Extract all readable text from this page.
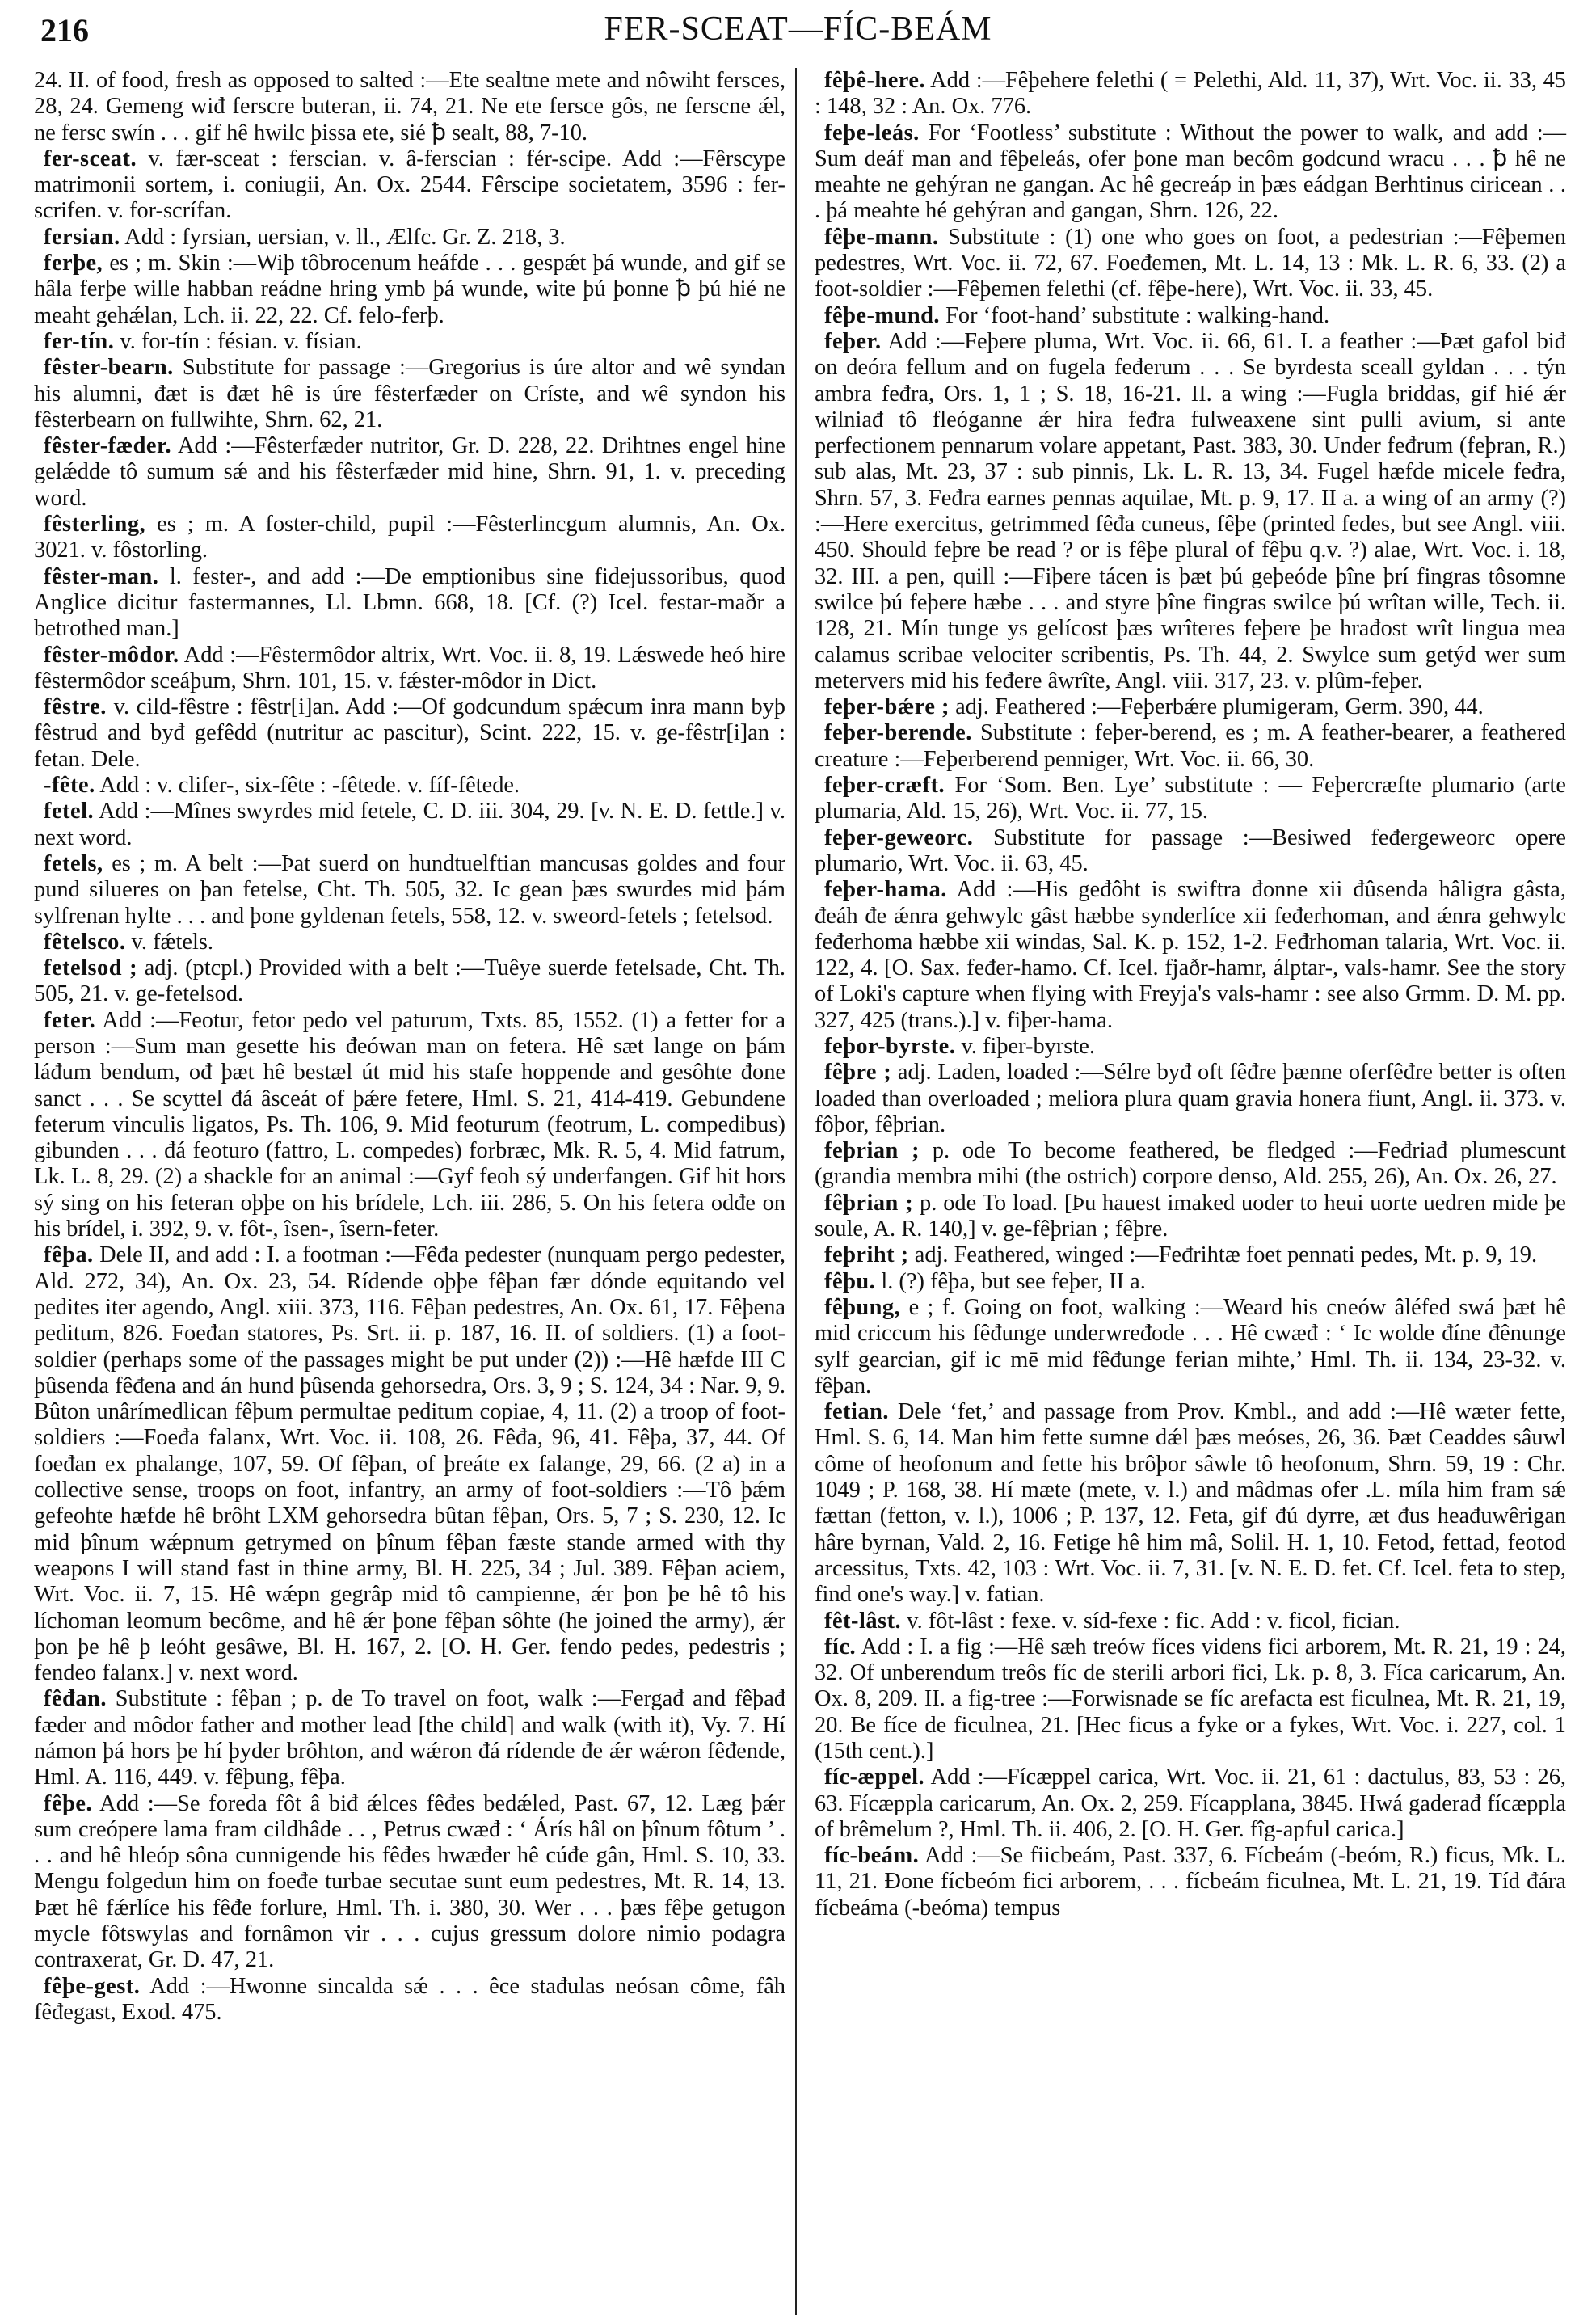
216	FER-SCEAT—FÍC-BEÁM

24. II. of food, fresh as opposed to salted :—Ete sealtne mete and nôwiht fersces, 28, 24. Gemeng wiđ ferscre buteran, ii. 74, 21. Ne ete fersce gôs, ne ferscne ǽl, ne fersc swín . . . gif hê hwilc þissa ete, sié ꝥ sealt, 88, 7-10.

fer-sceat. v. fær-sceat : ferscian. v. â-ferscian : fér-scipe. Add :—Fêrscype matrimonii sortem, i. coniugii, An. Ox. 2544. Fêrscipe societatem, 3596 : fer-scrifen. v. for-scrífan.

fersian. Add : fyrsian, uersian, v. ll., Ælfc. Gr. Z. 218, 3.

ferþe, es ; m. Skin :—Wiþ tôbrocenum heáfde . . . gespǽt þá wunde, and gif se hâla ferþe wille habban reádne hring ymb þá wunde, wite þú þonne ꝥ þú hié ne meaht gehǽlan, Lch. ii. 22, 22. Cf. felo-ferþ.

fer-tín. v. for-tín : fésian. v. físian.

fêster-bearn. Substitute for passage :—Gregorius is úre altor and wê syndan his alumni, đæt is đæt hê is úre fêsterfæder on Críste, and wê syndon his fêsterbearn on fullwihte, Shrn. 62, 21.

fêster-fæder. Add :—Fêsterfæder nutritor, Gr. D. 228, 22. Drihtnes engel hine gelǽdde tô sumum sǽ and his fêsterfæder mid hine, Shrn. 91, 1. v. preceding word.

fêsterling, es ; m. A foster-child, pupil :—Fêsterlincgum alumnis, An. Ox. 3021. v. fôstorling.

fêster-man. l. fester-, and add :—De emptionibus sine fidejussoribus, quod Anglice dicitur fastermannes, Ll. Lbmn. 668, 18. [Cf. (?) Icel. festar-maðr a betrothed man.]

fêster-môdor. Add :—Fêstermôdor altrix, Wrt. Voc. ii. 8, 19. Lǽswede heó hire fêstermôdor sceáþum, Shrn. 101, 15. v. fǽster-môdor in Dict.

fêstre. v. cild-fêstre : fêstr[i]an. Add :—Of godcundum spǽcum inra mann byþ fêstrud and byđ gefêdd (nutritur ac pascitur), Scint. 222, 15. v. ge-fêstr[i]an : fetan. Dele.

-fête. Add : v. clifer-, six-fête : -fêtede. v. fíf-fêtede.

fetel. Add :—Mînes swyrdes mid fetele, C. D. iii. 304, 29. [v. N. E. D. fettle.] v. next word.

fetels, es ; m. A belt :—Þat suerd on hundtuelftian mancusas goldes and four pund silueres on þan fetelse, Cht. Th. 505, 32. Ic gean þæs swurdes mid þám sylfrenan hylte . . . and þone gyldenan fetels, 558, 12. v. sweord-fetels ; fetelsod.

fêtelsco. v. fǽtels.

fetelsod ; adj. (ptcpl.) Provided with a belt :—Tuêye suerde fetelsade, Cht. Th. 505, 21. v. ge-fetelsod.

feter. Add :—Feotur, fetor pedo vel paturum, Txts. 85, 1552. (1) a fetter for a person :—Sum man gesette his đeówan man on fetera. Hê sæt lange on þám láđum bendum, ođ þæt hê bestæl út mid his stafe hoppende and gesôhte đone sanct . . . Se scyttel đá âsceát of þǽre fetere, Hml. S. 21, 414-419. Gebundene feterum vinculis ligatos, Ps. Th. 106, 9. Mid feoturum (feotrum, L. compedibus) gibunden . . . đá feoturo (fattro, L. compedes) forbræc, Mk. R. 5, 4. Mid fatrum, Lk. L. 8, 29. (2) a shackle for an animal :—Gyf feoh sý underfangen. Gif hit hors sý sing on his feteran oþþe on his brídele, Lch. iii. 286, 5. On his fetera odđe on his brídel, i. 392, 9. v. fôt-, îsen-, îsern-feter.

fêþa. Dele II, and add : I. a footman :—Fêđa pedester (nunquam pergo pedester, Ald. 272, 34), An. Ox. 23, 54. Rídende oþþe fêþan fær dónde equitando vel pedites iter agendo, Angl. xiii. 373, 116. Fêþan pedestres, An. Ox. 61, 17. Fêþena peditum, 826. Foeđan statores, Ps. Srt. ii. p. 187, 16. II. of soldiers. (1) a foot-soldier (perhaps some of the passages might be put under (2)) :—Hê hæfde III C þûsenda fêđena and án hund þûsenda gehorsedra, Ors. 3, 9 ; S. 124, 34 : Nar. 9, 9. Bûton unârímedlican fêþum permultae peditum copiae, 4, 11. (2) a troop of foot-soldiers :—Foeđa falanx, Wrt. Voc. ii. 108, 26. Fêđa, 96, 41. Fêþa, 37, 44. Of foeđan ex phalange, 107, 59. Of fêþan, of þreáte ex falange, 29, 66. (2 a) in a collective sense, troops on foot, infantry, an army of foot-soldiers :—Tô þǽm gefeohte hæfde hê brôht LXM gehorsedra bûtan fêþan, Ors. 5, 7 ; S. 230, 12. Ic mid þînum wǽpnum getrymed on þînum fêþan fæste stande armed with thy weapons I will stand fast in thine army, Bl. H. 225, 34 ; Jul. 389. Fêþan aciem, Wrt. Voc. ii. 7, 15. Hê wǽpn gegrâp mid tô campienne, ǽr þon þe hê tô his líchoman leomum becôme, and hê ǽr þone fêþan sôhte (he joined the army), ǽr þon þe hê þ leóht gesâwe, Bl. H. 167, 2. [O. H. Ger. fendo pedes, pedestris ; fendeo falanx.] v. next word.

fêđan. Substitute : fêþan ; p. de To travel on foot, walk :—Fergađ and fêþađ fæder and môdor father and mother lead [the child] and walk (with it), Vy. 7. Hí námon þá hors þe hí þyder brôhton, and wǽron đá rídende đe ǽr wǽron fêđende, Hml. A. 116, 449. v. fêþung, fêþa.

fêþe. Add :—Se foreda fôt â biđ ǽlces fêđes bedǽled, Past. 67, 12. Læg þǽr sum creópere lama fram cildhâde . . , Petrus cwæđ : ‘ Árís hâl on þînum fôtum ’ . . . and hê hleóp sôna cunnigende his fêđes hwæđer hê cúđe gân, Hml. S. 10, 33. Mengu folgedun him on foeđe turbae secutae sunt eum pedestres, Mt. R. 14, 13. Þæt hê fǽrlíce his fêđe forlure, Hml. Th. i. 380, 30. Wer . . . þæs fêþe getugon mycle fôtswylas and fornâmon vir . . . cujus gressum dolore nimio podagra contraxerat, Gr. D. 47, 21.

fêþe-gest. Add :—Hwonne sincalda sǽ . . . êce stađulas neósan côme, fâh fêđegast, Exod. 475.

fêþê-here. Add :—Fêþehere felethi ( = Pelethi, Ald. 11, 37), Wrt. Voc. ii. 33, 45 : 148, 32 : An. Ox. 776.

feþe-leás. For ‘Footless’ substitute : Without the power to walk, and add :—Sum deáf man and fêþeleás, ofer þone man becôm godcund wracu . . . ꝥ hê ne meahte ne gehýran ne gangan. Ac hê gecreáp in þæs eádgan Berhtinus ciricean . . . þá meahte hé gehýran and gangan, Shrn. 126, 22.

fêþe-mann. Substitute : (1) one who goes on foot, a pedestrian :—Fêþemen pedestres, Wrt. Voc. ii. 72, 67. Foeđemen, Mt. L. 14, 13 : Mk. L. R. 6, 33. (2) a foot-soldier :—Fêþemen felethi (cf. fêþe-here), Wrt. Voc. ii. 33, 45.

fêþe-mund. For ‘foot-hand’ substitute : walking-hand.

feþer. Add :—Feþere pluma, Wrt. Voc. ii. 66, 61. I. a feather :—Þæt gafol biđ on deóra fellum and on fugela feđerum . . . Se byrdesta sceall gyldan . . . týn ambra feđra, Ors. 1, 1 ; S. 18, 16-21. II. a wing :—Fugla briddas, gif hié ǽr wilniađ tô fleóganne ǽr hira feđra fulweaxene sint pulli avium, si ante perfectionem pennarum volare appetant, Past. 383, 30. Under feđrum (feþran, R.) sub alas, Mt. 23, 37 : sub pinnis, Lk. L. R. 13, 34. Fugel hæfde micele feđra, Shrn. 57, 3. Feđra earnes pennas aquilae, Mt. p. 9, 17. II a. a wing of an army (?) :—Here exercitus, getrimmed fêđa cuneus, fêþe (printed fedes, but see Angl. viii. 450. Should feþre be read ? or is fêþe plural of fêþu q.v. ?) alae, Wrt. Voc. i. 18, 32. III. a pen, quill :—Fiþere tácen is þæt þú geþeóde þîne þrí fingras tôsomne swilce þú feþere hæbe . . . and styre þîne fingras swilce þú wrîtan wille, Tech. ii. 128, 21. Mín tunge ys gelícost þæs wrîteres feþere þe hrađost wrît lingua mea calamus scribae velociter scribentis, Ps. Th. 44, 2. Swylce sum getýd wer sum metervers mid his feđere âwrîte, Angl. viii. 317, 23. v. plûm-feþer.

feþer-bǽre ; adj. Feathered :—Feþerbǽre plumigeram, Germ. 390, 44.

feþer-berende. Substitute : feþer-berend, es ; m. A feather-bearer, a feathered creature :—Feþerberend penniger, Wrt. Voc. ii. 66, 30.

feþer-cræft. For ‘Som. Ben. Lye’ substitute : — Feþercræfte plumario (arte plumaria, Ald. 15, 26), Wrt. Voc. ii. 77, 15.

feþer-geweorc. Substitute for passage :—Besiwed feđergeweorc opere plumario, Wrt. Voc. ii. 63, 45.

feþer-hama. Add :—His geđôht is swiftra đonne xii đûsenda hâligra gâsta, đeáh đe ǽnra gehwylc gâst hæbbe synderlíce xii feđerhoman, and ǽnra gehwylc feđerhoma hæbbe xii windas, Sal. K. p. 152, 1-2. Feđrhoman talaria, Wrt. Voc. ii. 122, 4. [O. Sax. feđer-hamo. Cf. Icel. fjaðr-hamr, álptar-, vals-hamr. See the story of Loki's capture when flying with Freyja's vals-hamr : see also Grmm. D. M. pp. 327, 425 (trans.).] v. fiþer-hama.

feþor-byrste. v. fiþer-byrste.

fêþre ; adj. Laden, loaded :—Sélre byđ oft fêđre þænne oferfêđre better is often loaded than overloaded ; meliora plura quam gravia honera fiunt, Angl. ii. 373. v. fôþor, fêþrian.

feþrian ; p. ode To become feathered, be fledged :—Feđriađ plumescunt (grandia membra mihi (the ostrich) corpore denso, Ald. 255, 26), An. Ox. 26, 27.

fêþrian ; p. ode To load. [Þu hauest imaked uoder to heui uorte uedren mide þe soule, A. R. 140,] v. ge-fêþrian ; fêþre.

feþriht ; adj. Feathered, winged :—Feđrihtæ foet pennati pedes, Mt. p. 9, 19.

fêþu. l. (?) fêþa, but see feþer, II a.

fêþung, e ; f. Going on foot, walking :—Weard his cneów âléfed swá þæt hê mid criccum his fêđunge underwređode . . . Hê cwæđ : ‘ Ic wolde đíne đênunge sylf gearcian, gif ic mē mid fêđunge ferian mihte,’ Hml. Th. ii. 134, 23-32. v. fêþan.

fetian. Dele ‘fet,’ and passage from Prov. Kmbl., and add :—Hê wæter fette, Hml. S. 6, 14. Man him fette sumne dǽl þæs meóses, 26, 36. Þæt Ceaddes sâuwl côme of heofonum and fette his brôþor sâwle tô heofonum, Shrn. 59, 19 : Chr. 1049 ; P. 168, 38. Hí mæte (mete, v. l.) and mâdmas ofer .L. míla him fram sǽ fættan (fetton, v. l.), 1006 ; P. 137, 12. Feta, gif đú dyrre, æt đus heađuwêrigan hâre byrnan, Vald. 2, 16. Fetige hê him mâ, Solil. H. 1, 10. Fetod, fettad, feotod arcessitus, Txts. 42, 103 : Wrt. Voc. ii. 7, 31. [v. N. E. D. fet. Cf. Icel. feta to step, find one's way.] v. fatian.

fêt-lâst. v. fôt-lâst : fexe. v. síd-fexe : fic. Add : v. ficol, fician.

fíc. Add : I. a fig :—Hê sæh treów fíces videns fici arborem, Mt. R. 21, 19 : 24, 32. Of unberendum treôs fíc de sterili arbori fici, Lk. p. 8, 3. Fíca caricarum, An. Ox. 8, 209. II. a fig-tree :—Forwisnade se fíc arefacta est ficulnea, Mt. R. 21, 19, 20. Be fíce de ficulnea, 21. [Hec ficus a fyke or a fykes, Wrt. Voc. i. 227, col. 1 (15th cent.).]

fíc-æppel. Add :—Fícæppel carica, Wrt. Voc. ii. 21, 61 : dactulus, 83, 53 : 26, 63. Fícæppla caricarum, An. Ox. 2, 259. Fícapplana, 3845. Hwá gaderađ fícæppla of brêmelum ?, Hml. Th. ii. 406, 2. [O. H. Ger. fîg-apful carica.]

fíc-beám. Add :—Se fiicbeám, Past. 337, 6. Fícbeám (-beóm, R.) ficus, Mk. L. 11, 21. Đone fícbeóm fici arborem, . . . fícbeám ficulnea, Mt. L. 21, 19. Tíd đára fícbeáma (-beóma) tempus
